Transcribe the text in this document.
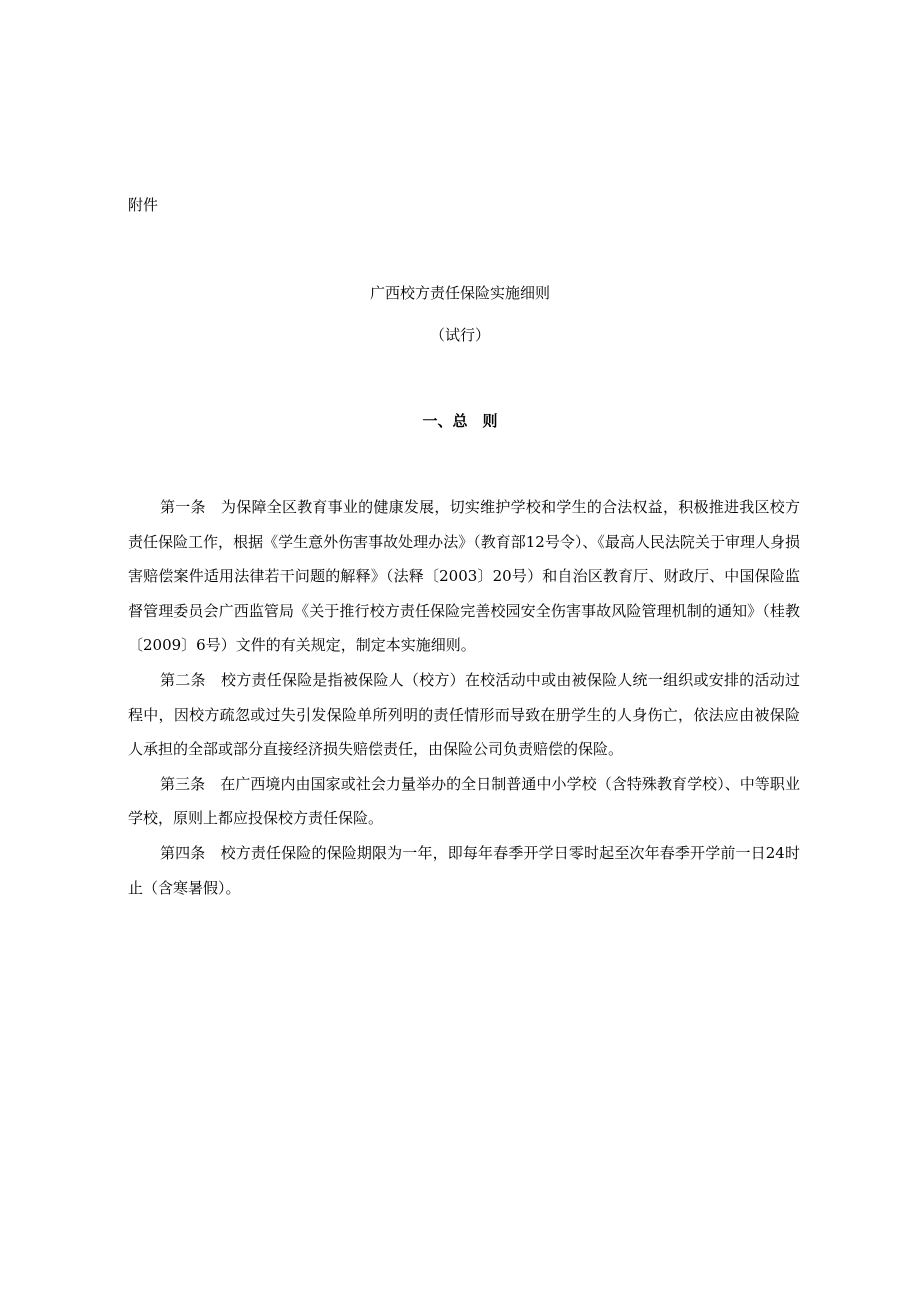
附件
广西校方责任保险实施细则
（试行）
一、总　则

第一条　为保障全区教育事业的健康发展，切实维护学校和学生的合法权益，积极推进我区校方责任保险工作，根据《学生意外伤害事故处理办法》（教育部12号令）、《最高人民法院关于审理人身损害赔偿案件适用法律若干问题的解释》（法释〔2003〕20号）和自治区教育厅、财政厅、中国保险监督管理委员会广西监管局《关于推行校方责任保险完善校园安全伤害事故风险管理机制的通知》（桂教〔2009〕6号）文件的有关规定，制定本实施细则。

第二条　校方责任保险是指被保险人（校方）在校活动中或由被保险人统一组织或安排的活动过程中，因校方疏忽或过失引发保险单所列明的责任情形而导致在册学生的人身伤亡，依法应由被保险人承担的全部或部分直接经济损失赔偿责任，由保险公司负责赔偿的保险。

第三条　在广西境内由国家或社会力量举办的全日制普通中小学校（含特殊教育学校）、中等职业学校，原则上都应投保校方责任保险。

第四条　校方责任保险的保险期限为一年，即每年春季开学日零时起至次年春季开学前一日24时止（含寒暑假）。
